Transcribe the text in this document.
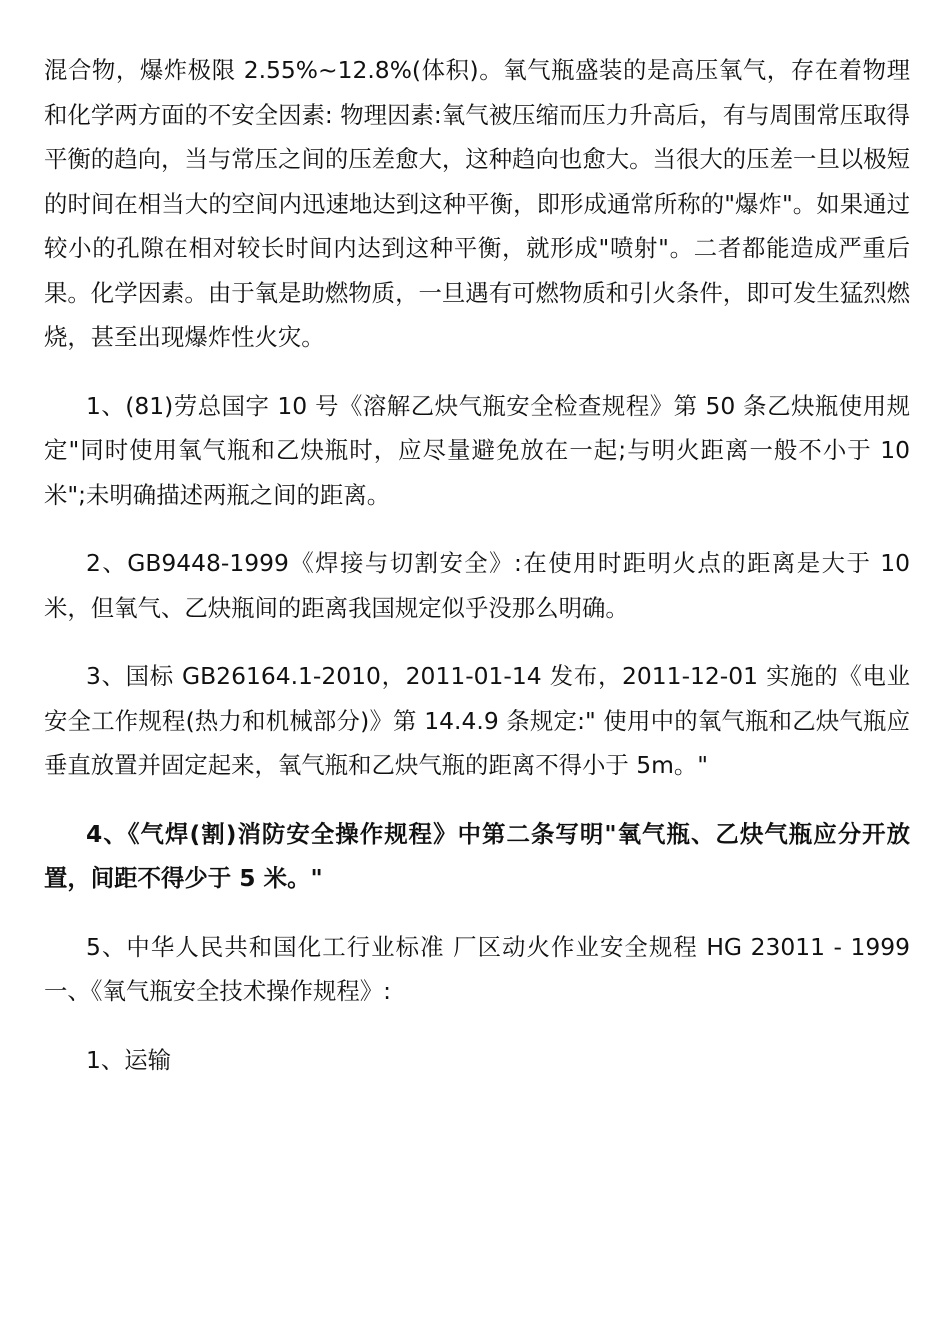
混合物，爆炸极限 2.55%~12.8%(体积)。氧气瓶盛装的是高压氧气，存在着物理和化学两方面的不安全因素: 物理因素:氧气被压缩而压力升高后，有与周围常压取得平衡的趋向，当与常压之间的压差愈大，这种趋向也愈大。当很大的压差一旦以极短的时间在相当大的空间内迅速地达到这种平衡，即形成通常所称的"爆炸"。如果通过较小的孔隙在相对较长时间内达到这种平衡，就形成"喷射"。二者都能造成严重后果。化学因素。由于氧是助燃物质，一旦遇有可燃物质和引火条件，即可发生猛烈燃烧，甚至出现爆炸性火灾。

1、(81)劳总国字 10 号《溶解乙炔气瓶安全检查规程》第 50 条乙炔瓶使用规定"同时使用氧气瓶和乙炔瓶时，应尽量避免放在一起;与明火距离一般不小于 10 米";未明确描述两瓶之间的距离。

2、GB9448-1999《焊接与切割安全》:在使用时距明火点的距离是大于 10 米，但氧气、乙炔瓶间的距离我国规定似乎没那么明确。

3、国标 GB26164.1-2010，2011-01-14 发布，2011-12-01 实施的《电业安全工作规程(热力和机械部分)》第 14.4.9 条规定:" 使用中的氧气瓶和乙炔气瓶应垂直放置并固定起来，氧气瓶和乙炔气瓶的距离不得小于 5m。"

4、《气焊(割)消防安全操作规程》中第二条写明"氧气瓶、乙炔气瓶应分开放置，间距不得少于 5 米。"

5、中华人民共和国化工行业标准 厂区动火作业安全规程 HG 23011 - 1999 一、《氧气瓶安全技术操作规程》:

1、运输
